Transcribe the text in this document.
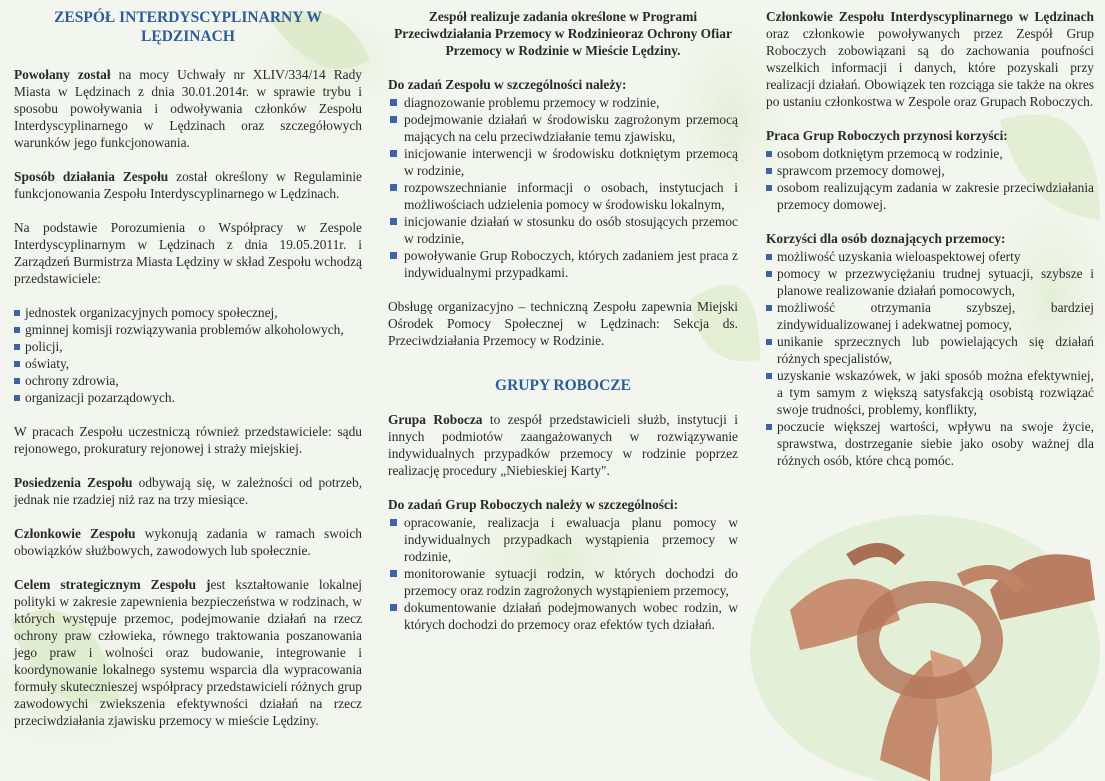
ZESPÓŁ INTERDYSCYPLINARNY W LĘDZINACH

Powołany został na mocy Uchwały nr XLIV/334/14 Rady Miasta w Lędzinach z dnia 30.01.2014r. w sprawie trybu i sposobu powoływania i odwoływania członków Zespołu Interdyscyplinarnego w Lędzinach oraz szczegółowych warunków jego funkcjonowania.

Sposób działania Zespołu został określony w Regulaminie funkcjonowania Zespołu Interdyscyplinarnego w Lędzinach.

Na podstawie Porozumienia o Współpracy w Zespole Interdyscyplinarnym w Lędzinach z dnia 19.05.2011r. i Zarządzeń Burmistrza Miasta Lędziny w skład Zespołu wchodzą przedstawiciele:

jednostek organizacyjnych pomocy społecznej,
gminnej komisji rozwiązywania problemów alkoholowych,
policji,
oświaty,
ochrony zdrowia,
organizacji pozarządowych.

W pracach Zespołu uczestniczą również przedstawiciele: sądu rejonowego, prokuratury rejonowej i straży miejskiej.

Posiedzenia Zespołu odbywają się, w zależności od potrzeb, jednak nie rzadziej niż raz na trzy miesiące.

Członkowie Zespołu wykonują zadania w ramach swoich obowiązków służbowych, zawodowych lub społecznie.

Celem strategicznym Zespołu jest kształtowanie lokalnej polityki w zakresie zapewnienia bezpieczeństwa w rodzinach, w których występuje przemoc, podejmowanie działań na rzecz ochrony praw człowieka, równego traktowania poszanowania jego praw i wolności oraz budowanie, integrowanie i koordynowanie lokalnego systemu wsparcia dla wypracowania formuły skutecznieszej współpracy przedstawicieli różnych grup zawodowychi zwiekszenia efektywności działań na rzecz przeciwdziałania zjawisku przemocy w mieście Lędziny.

Zespół realizuje zadania określone w Programi Przeciwdziałania Przemocy w Rodzinieoraz Ochrony Ofiar Przemocy w Rodzinie w Mieście Lędziny.

Do zadań Zespołu w szczególności należy:
diagnozowanie problemu przemocy w rodzinie,
podejmowanie działań w środowisku zagrożonym przemocą mających na celu przeciwdziałanie temu zjawisku,
inicjowanie interwencji w środowisku dotkniętym przemocą w rodzinie,
rozpowszechnianie informacji o osobach, instytucjach i możliwościach udzielenia pomocy w środowisku lokalnym,
inicjowanie działań w stosunku do osób stosujących przemoc w rodzinie,
powoływanie Grup Roboczych, których zadaniem jest praca z indywidualnymi przypadkami.

Obsługę organizacyjno – techniczną Zespołu zapewnia Miejski Ośrodek Pomocy Społecznej w Lędzinach: Sekcja ds. Przeciwdziałania Przemocy w Rodzinie.

GRUPY ROBOCZE

Grupa Robocza to zespół przedstawicieli służb, instytucji i innych podmiotów zaangażowanych w rozwiązywanie indywidualnych przypadków przemocy w rodzinie poprzez realizację procedury „Niebieskiej Karty".

Do zadań Grup Roboczych należy w szczególności:
opracowanie, realizacja i ewaluacja planu pomocy w indywidualnych przypadkach wystąpienia przemocy w rodzinie,
monitorowanie sytuacji rodzin, w których dochodzi do przemocy oraz rodzin zagrożonych wystąpieniem przemocy,
dokumentowanie działań podejmowanych wobec rodzin, w których dochodzi do przemocy oraz efektów tych działań.

Członkowie Zespołu Interdyscyplinarnego w Lędzinach oraz członkowie powoływanych przez Zespół Grup Roboczych zobowiązani są do zachowania poufności wszelkich informacji i danych, które pozyskali przy realizacji działań. Obowiązek ten rozciąga sie także na okres po ustaniu członkostwa w Zespole oraz Grupach Roboczych.

Praca Grup Roboczych przynosi korzyści:
osobom dotkniętym przemocą w rodzinie,
sprawcom przemocy domowej,
osobom realizującym zadania w zakresie przeciwdziałania przemocy domowej.
Korzyści dla osób doznających przemocy:
możliwość uzyskania wieloaspektowej oferty
pomocy w przezwyciężaniu trudnej sytuacji, szybsze i planowe realizowanie działań pomocowych,
możliwość otrzymania szybszej, bardziej zindywidualizowanej i adekwatnej pomocy,
unikanie sprzecznych lub powielających się działań różnych specjalistów,
uzyskanie wskazówek, w jaki sposób można efektywniej, a tym samym z większą satysfakcją osobistą rozwiązać swoje trudności, problemy, konflikty,
poczucie większej wartości, wpływu na swoje życie, sprawstwa, dostrzeganie siebie jako osoby ważnej dla różnych osób, które chcą pomóc.
